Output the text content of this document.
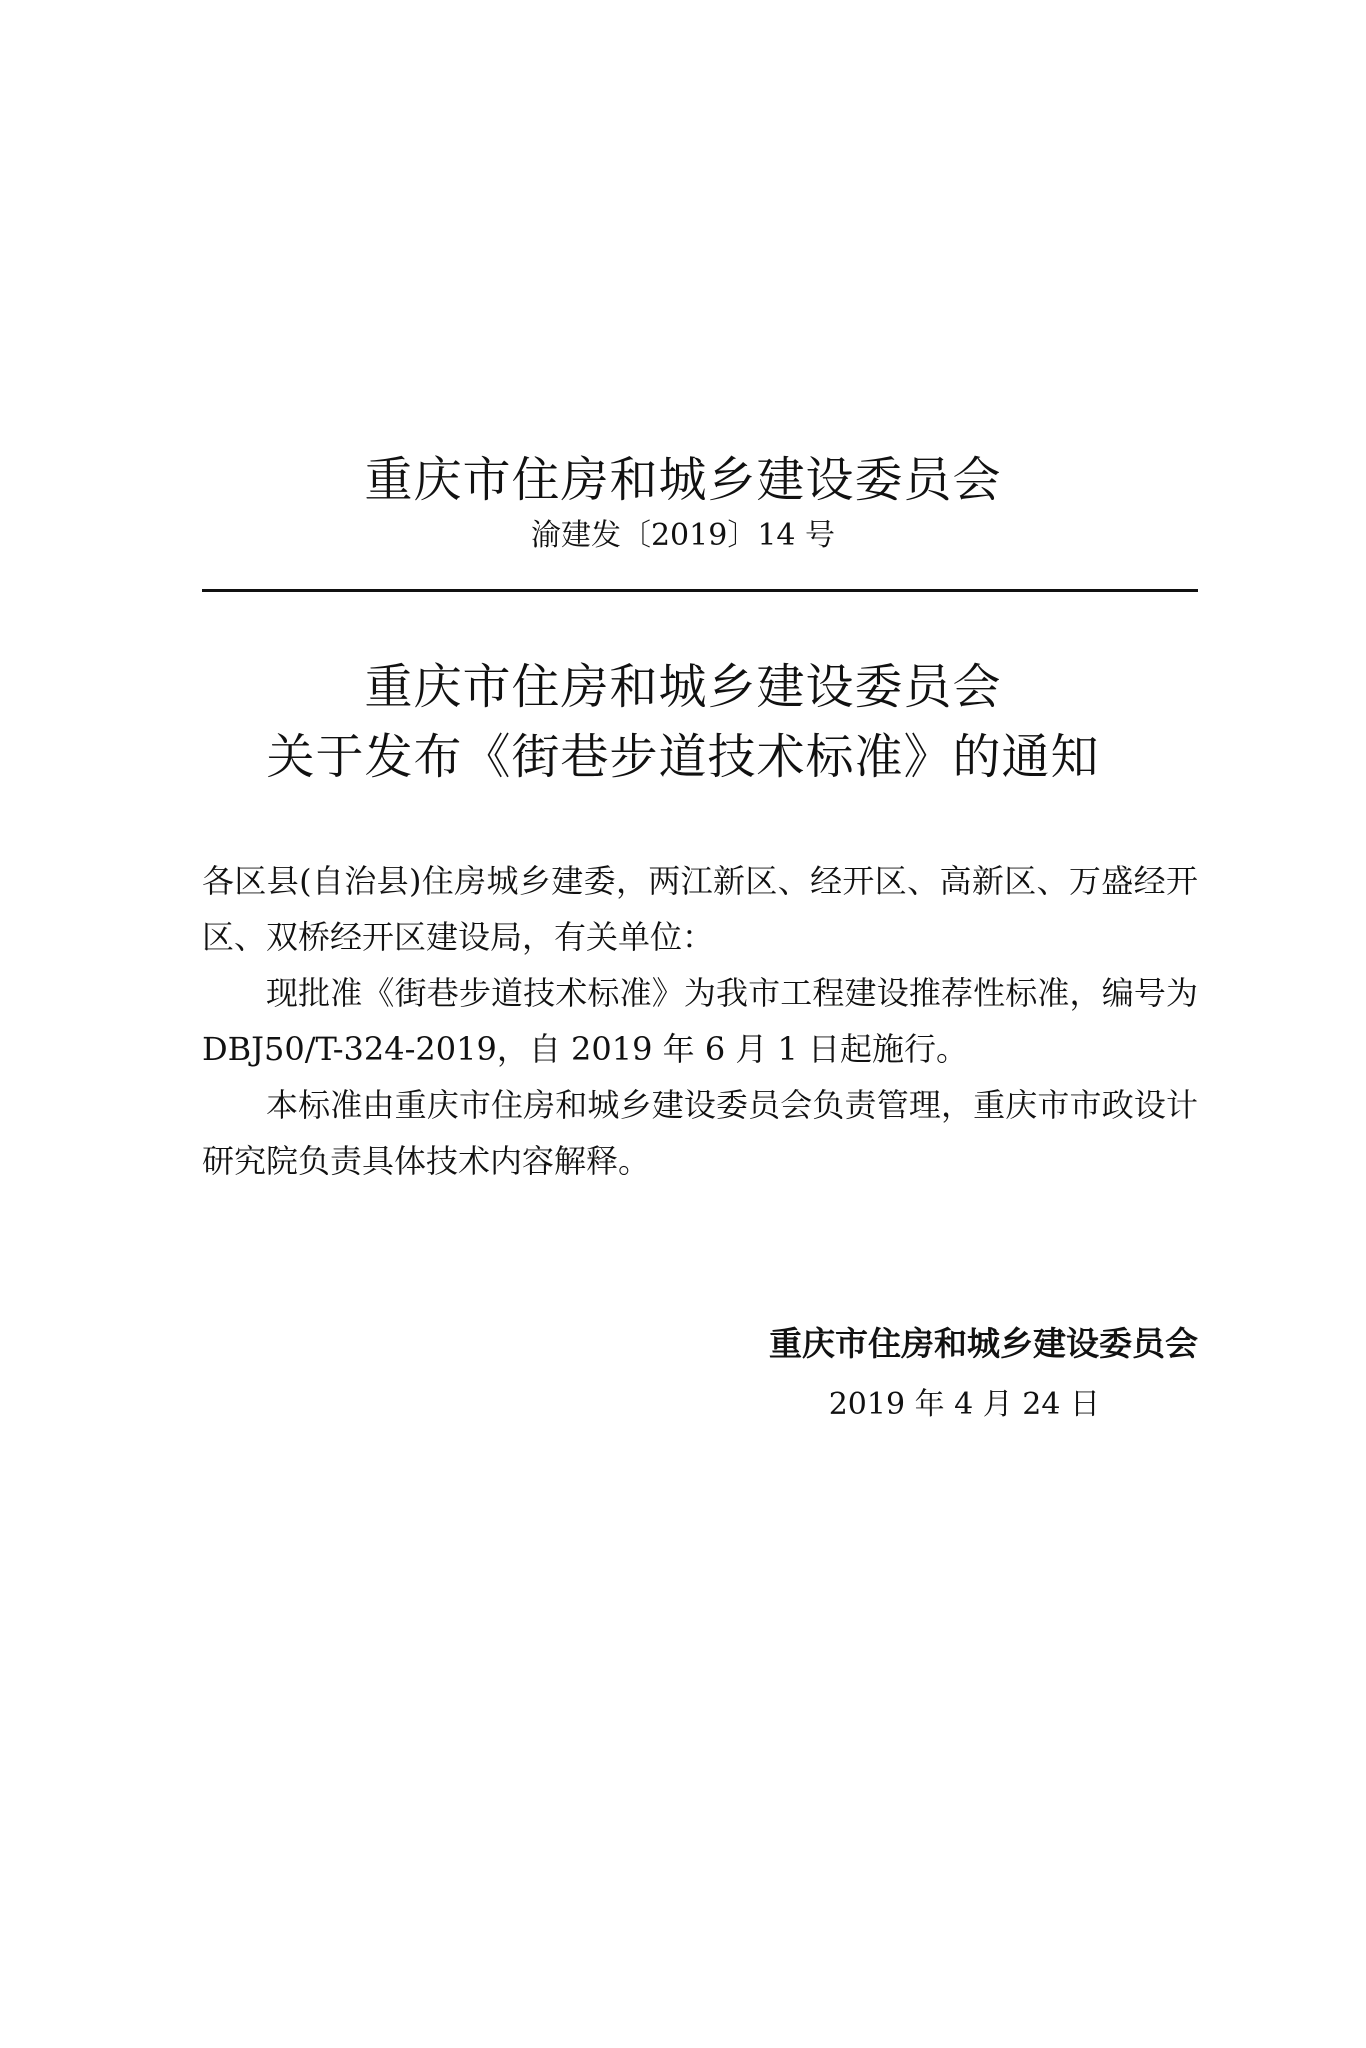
重庆市住房和城乡建设委员会
渝建发〔2019〕14 号
重庆市住房和城乡建设委员会
关于发布《街巷步道技术标准》的通知

各区县(自治县)住房城乡建委，两江新区、经开区、高新区、万盛经开区、双桥经开区建设局，有关单位：

现批准《街巷步道技术标准》为我市工程建设推荐性标准，编号为 DBJ50/T-324-2019，自 2019 年 6 月 1 日起施行。

本标准由重庆市住房和城乡建设委员会负责管理，重庆市市政设计研究院负责具体技术内容解释。

重庆市住房和城乡建设委员会
2019 年 4 月 24 日
